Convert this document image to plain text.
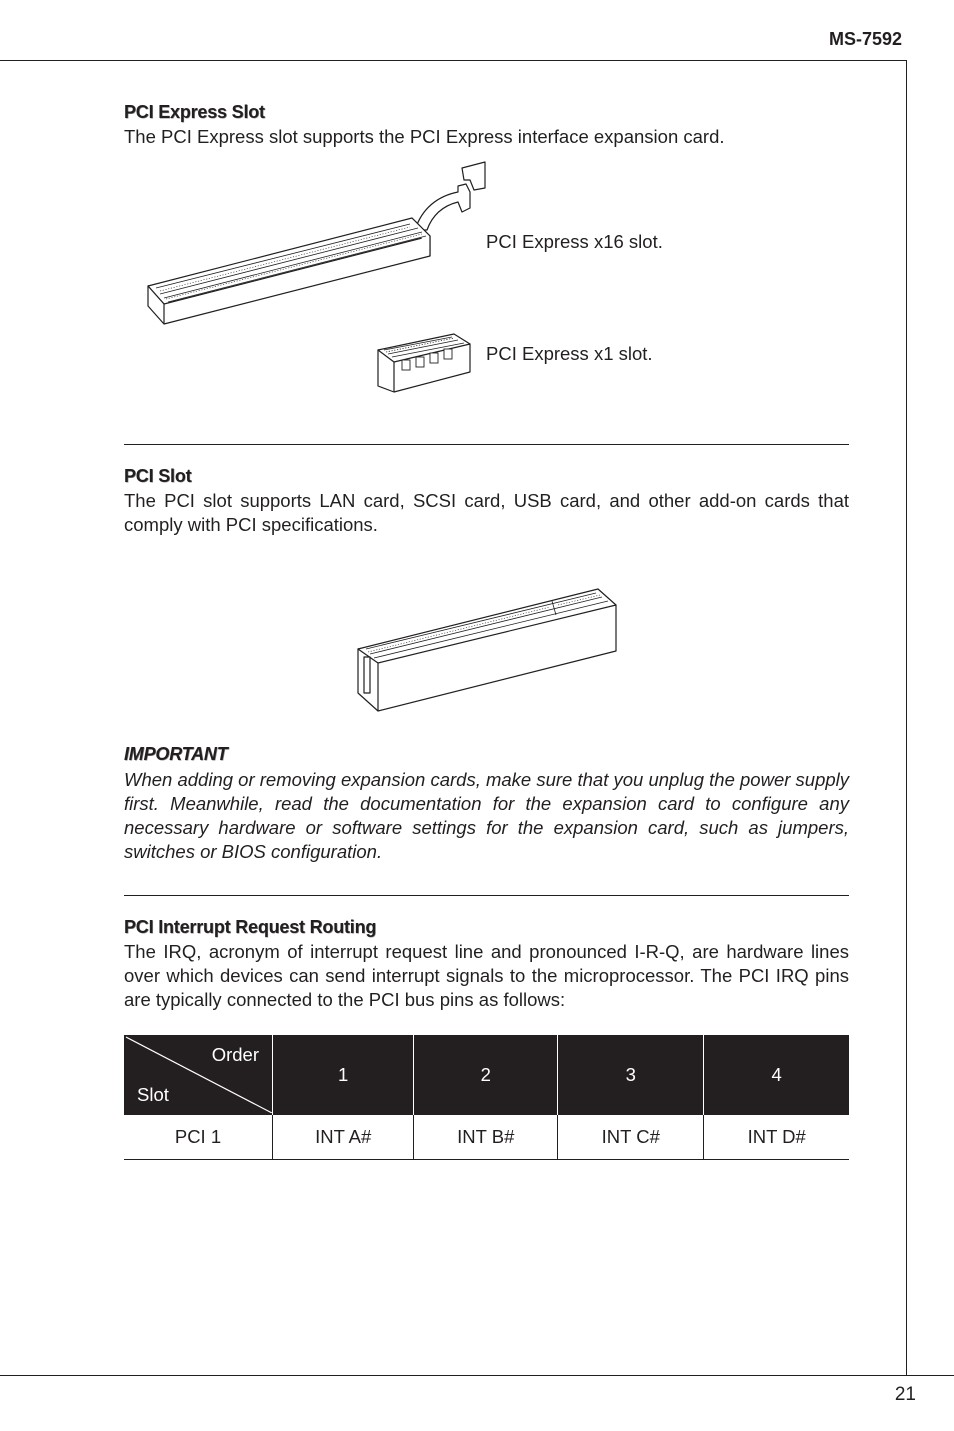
MS-7592
21
PCI Express Slot
The PCI Express slot supports the PCI Express interface expansion card.
PCI Express x16 slot.
PCI Express x1 slot.
PCI Slot
The PCI slot supports LAN card, SCSI card, USB card, and other add-on cards that comply with PCI specifications.
IMPORTANT
When adding or removing expansion cards, make sure that you unplug the power supply first. Meanwhile, read the documentation for the expansion card to configure any necessary hardware or software settings for the expansion card, such as jumpers, switches or BIOS configuration.
PCI Interrupt Request Routing
The IRQ, acronym of interrupt request line and pronounced I-R-Q, are hardware lines over which devices can send interrupt signals to the microprocessor. The PCI IRQ pins are typically connected to the PCI bus pins as follows:
Order
Slot	1	2	3	4
PCI 1	INT A#	INT B#	INT C#	INT D#
